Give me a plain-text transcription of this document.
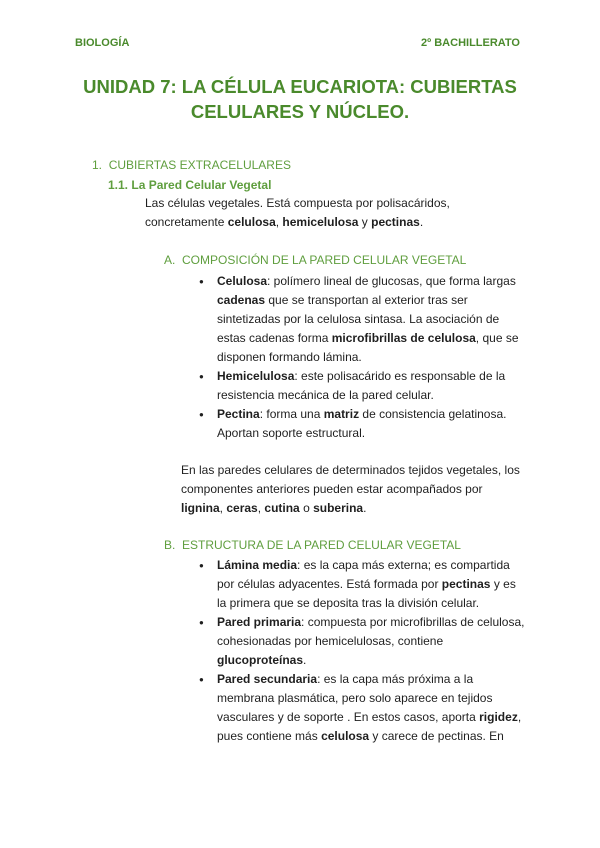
BIOLOGÍA	2º BACHILLERATO
UNIDAD 7: LA CÉLULA EUCARIOTA: CUBIERTAS
CELULARES Y NÚCLEO.
1. CUBIERTAS EXTRACELULARES
1.1. La Pared Celular Vegetal
Las células vegetales. Está compuesta por polisacáridos,
concretamente celulosa, hemicelulosa y pectinas.
A. COMPOSICIÓN DE LA PARED CELULAR VEGETAL
● Celulosa: polímero lineal de glucosas, que forma largas
cadenas que se transportan al exterior tras ser
sintetizadas por la celulosa sintasa. La asociación de
estas cadenas forma microfibrillas de celulosa, que se
disponen formando lámina.
● Hemicelulosa: este polisacárido es responsable de la
resistencia mecánica de la pared celular.
● Pectina: forma una matriz de consistencia gelatinosa.
Aportan soporte estructural.
En las paredes celulares de determinados tejidos vegetales, los
componentes anteriores pueden estar acompañados por
lignina, ceras, cutina o suberina.
B. ESTRUCTURA DE LA PARED CELULAR VEGETAL
● Lámina media: es la capa más externa; es compartida
por células adyacentes. Está formada por pectinas y es
la primera que se deposita tras la división celular.
● Pared primaria: compuesta por microfibrillas de celulosa,
cohesionadas por hemicelulosas, contiene
glucoproteínas.
● Pared secundaria: es la capa más próxima a la
membrana plasmática, pero solo aparece en tejidos
vasculares y de soporte . En estos casos, aporta rigidez,
pues contiene más celulosa y carece de pectinas. En
